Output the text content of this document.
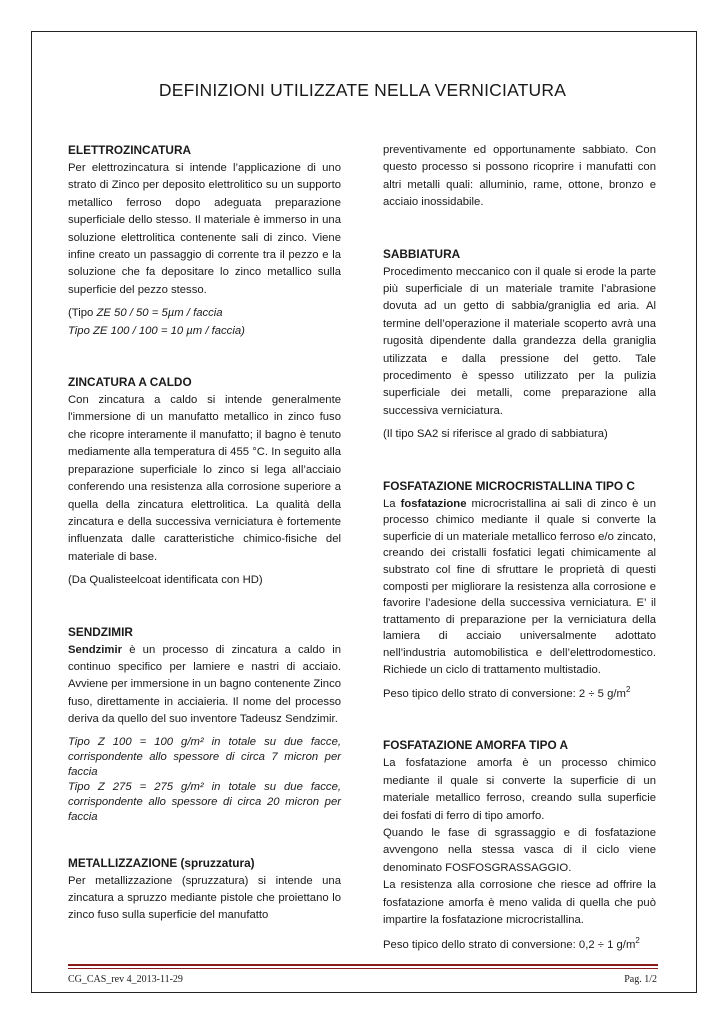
DEFINIZIONI UTILIZZATE NELLA VERNICIATURA
ELETTROZINCATURA

Per elettrozincatura si intende l’applicazione di uno strato di Zinco per deposito elettrolitico su un supporto metallico ferroso dopo adeguata preparazione superficiale dello stesso. Il materiale è immerso in una soluzione elettrolitica contenente sali di zinco. Viene infine creato un passaggio di corrente tra il pezzo e la soluzione che fa depositare lo zinco metallico sulla superficie del pezzo stesso.

(Tipo ZE 50 / 50 = 5µm / faccia
Tipo ZE 100 / 100 = 10 µm / faccia)

ZINCATURA A CALDO

Con zincatura a caldo si intende generalmente l'immersione di un manufatto metallico in zinco fuso che ricopre interamente il manufatto; il bagno è tenuto mediamente alla temperatura di 455 °C. In seguito alla preparazione superficiale lo zinco si lega all’acciaio conferendo una resistenza alla corrosione superiore a quella della zincatura elettrolitica. La qualità della zincatura e della successiva verniciatura è fortemente influenzata dalle caratteristiche chimico-fisiche del materiale di base.

(Da Qualisteelcoat identificata con HD)

SENDZIMIR

Sendzimir è un processo di zincatura a caldo in continuo specifico per lamiere e nastri di acciaio. Avviene per immersione in un bagno contenente Zinco fuso, direttamente in acciaieria. Il nome del processo deriva da quello del suo inventore Tadeusz Sendzimir.

Tipo Z 100 = 100 g/m² in totale su due facce, corrispondente allo spessore di circa 7 micron per faccia

Tipo Z 275 = 275 g/m² in totale su due facce, corrispondente allo spessore di circa 20 micron per faccia

METALLIZZAZIONE (spruzzatura)

Per metallizzazione (spruzzatura) si intende una zincatura a spruzzo mediante pistole che proiettano lo zinco fuso sulla superficie del manufatto

preventivamente ed opportunamente sabbiato. Con questo processo si possono ricoprire i manufatti con altri metalli quali: alluminio, rame, ottone, bronzo e acciaio inossidabile.

SABBIATURA

Procedimento meccanico con il quale si erode la parte più superficiale di un materiale tramite l’abrasione dovuta ad un getto di sabbia/graniglia ed aria. Al termine dell’operazione il materiale scoperto avrà una rugosità dipendente dalla grandezza della graniglia utilizzata e dalla pressione del getto. Tale procedimento è spesso utilizzato per la pulizia superficiale dei metalli, come preparazione alla successiva verniciatura.

(Il tipo SA2 si riferisce al grado di sabbiatura)

FOSFATAZIONE MICROCRISTALLINA TIPO C

La fosfatazione microcristallina ai sali di zinco è un processo chimico mediante il quale si converte la superficie di un materiale metallico ferroso e/o zincato, creando dei cristalli fosfatici legati chimicamente al substrato col fine di sfruttare le proprietà di questi composti per migliorare la resistenza alla corrosione e favorire l’adesione della successiva verniciatura. E’ il trattamento di preparazione per la verniciatura della lamiera di acciaio universalmente adottato nell’industria automobilistica e dell’elettrodomestico. Richiede un ciclo di trattamento multistadio.

Peso tipico dello strato di conversione: 2 ÷ 5 $g/m^2$

FOSFATAZIONE AMORFA TIPO A

La fosfatazione amorfa è un processo chimico mediante il quale si converte la superficie di un materiale metallico ferroso, creando sulla superficie dei fosfati di ferro di tipo amorfo.

Quando le fase di sgrassaggio e di fosfatazione avvengono nella stessa vasca di il ciclo viene denominato FOSFOSGRASSAGGIO.

La resistenza alla corrosione che riesce ad offrire la fosfatazione amorfa è meno valida di quella che può impartire la fosfatazione microcristallina.

Peso tipico dello strato di conversione: 0,2 ÷ 1 $g/m^2$

CG_CAS_rev 4_2013-11-29	Pag. 1/2
